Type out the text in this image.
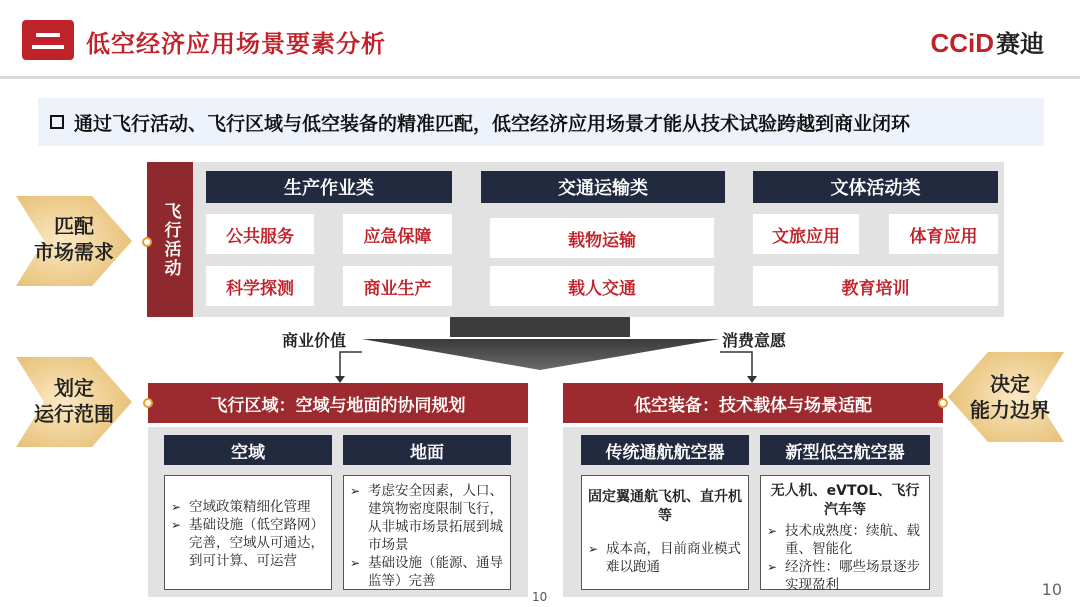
低空经济应用场景要素分析	CCiD赛迪
通过飞行活动、飞行区域与低空装备的精准匹配，低空经济应用场景才能从技术试验跨越到商业闭环
匹配
市场需求
划定
运行范围
决定
能力边界
飞行活动
生产作业类
公共服务	应急保障
科学探测	商业生产
交通运输类
载物运输
载人交通
文体活动类
文旅应用	体育应用
教育培训
商业价值	消费意愿
飞行区域：空域与地面的协同规划
空域	地面
➢ 空域政策精细化管理
➢ 基础设施（低空路网）完善，空域从可通达，到可计算、可运营
➢ 考虑安全因素，人口、建筑物密度限制飞行，从非城市场景拓展到城市场景
➢ 基础设施（能源、通导监等）完善
10
低空装备：技术载体与场景适配
传统通航航空器	新型低空航空器
固定翼通航飞机、直升机等
➢ 成本高，目前商业模式难以跑通
无人机、eVTOL、飞行汽车等
➢ 技术成熟度：续航、载重、智能化
➢ 经济性：哪些场景逐步实现盈利	10
